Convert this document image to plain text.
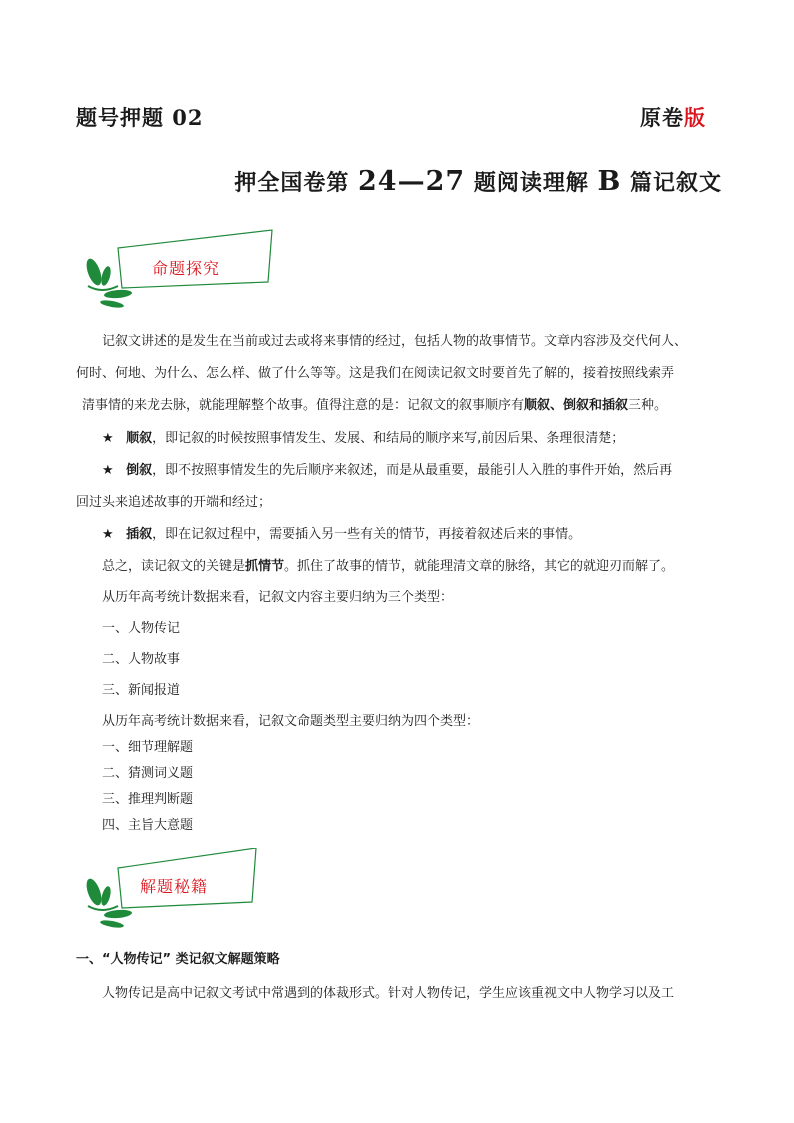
题号押题 02	原卷版
押全国卷第 24—27 题阅读理解 B 篇记叙文
命题探究
记叙文讲述的是发生在当前或过去或将来事情的经过，包括人物的故事情节。文章内容涉及交代何人、
何时、何地、为什么、怎么样、做了什么等等。这是我们在阅读记叙文时要首先了解的，接着按照线索弄
清事情的来龙去脉，就能理解整个故事。值得注意的是：记叙文的叙事顺序有顺叙、倒叙和插叙三种。
★ 顺叙，即记叙的时候按照事情发生、发展、和结局的顺序来写,前因后果、条理很清楚；
★ 倒叙，即不按照事情发生的先后顺序来叙述，而是从最重要，最能引人入胜的事件开始，然后再
回过头来追述故事的开端和经过；
★ 插叙，即在记叙过程中，需要插入另一些有关的情节，再接着叙述后来的事情。
总之，读记叙文的关键是抓情节。抓住了故事的情节，就能理清文章的脉络，其它的就迎刃而解了。
从历年高考统计数据来看，记叙文内容主要归纳为三个类型：
一、人物传记
二、人物故事
三、新闻报道
从历年高考统计数据来看，记叙文命题类型主要归纳为四个类型：
一、细节理解题
二、猜测词义题
三、推理判断题
四、主旨大意题
解题秘籍
一、“人物传记” 类记叙文解题策略
人物传记是高中记叙文考试中常遇到的体裁形式。针对人物传记，学生应该重视文中人物学习以及工
